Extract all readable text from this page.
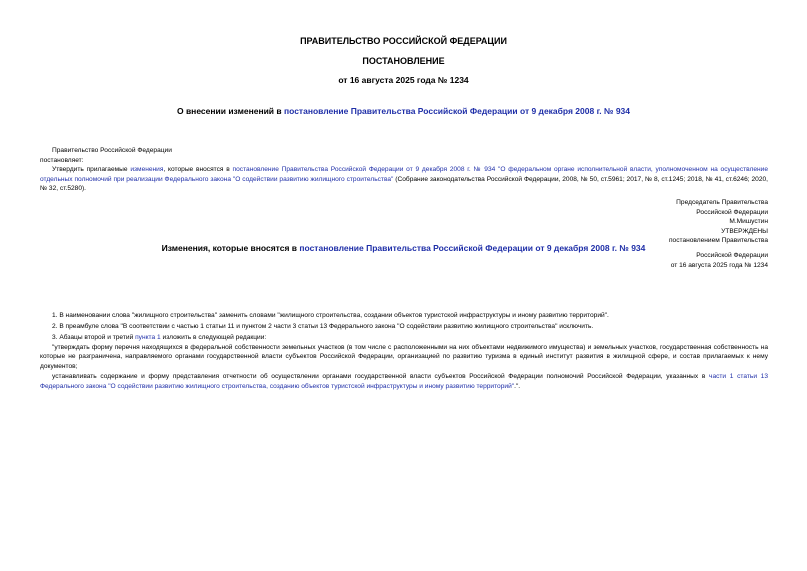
ПРАВИТЕЛЬСТВО РОССИЙСКОЙ ФЕДЕРАЦИИ
ПОСТАНОВЛЕНИЕ
от 16 августа 2025 года № 1234
О внесении изменений в постановление Правительства Российской Федерации от 9 декабря 2008 г. № 934
Правительство Российской Федерации
постановляет:
Утвердить прилагаемые изменения, которые вносятся в постановление Правительства Российской Федерации от 9 декабря 2008 г. № 934 "О федеральном органе исполнительной власти, уполномоченном на осуществление отдельных полномочий при реализации Федерального закона "О содействии развитию жилищного строительства" (Собрание законодательства Российской Федерации, 2008, № 50, ст.5961; 2017, № 8, ст.1245; 2018, № 41, ст.6246; 2020, № 32, ст.5280).
Председатель Правительства
Российской Федерации
М.Мишустин
УТВЕРЖДЕНЫ
постановлением Правительства
Российской Федерации
от 16 августа 2025 года № 1234
Изменения, которые вносятся в постановление Правительства Российской Федерации от 9 декабря 2008 г. № 934
1. В наименовании слова "жилищного строительства" заменить словами "жилищного строительства, создании объектов туристской инфраструктуры и иному развитию территорий".
2. В преамбуле слова "В соответствии с частью 1 статьи 11 и пунктом 2 части 3 статьи 13 Федерального закона "О содействии развитию жилищного строительства" исключить.
3. Абзацы второй и третий пункта 1 изложить в следующей редакции:
"утверждать форму перечня находящихся в федеральной собственности земельных участков (в том числе с расположенными на них объектами недвижимого имущества) и земельных участков, государственная собственность на которые не разграничена, направляемого органами государственной власти субъектов Российской Федерации, организацией по развитию туризма в единый институт развития в жилищной сфере, и состав прилагаемых к нему документов;
устанавливать содержание и форму представления отчетности об осуществлении органами государственной власти субъектов Российской Федерации полномочий Российской Федерации, указанных в части 1 статьи 13 Федерального закона "О содействии развитию жилищного строительства, созданию объектов туристской инфраструктуры и иному развитию территорий".".
